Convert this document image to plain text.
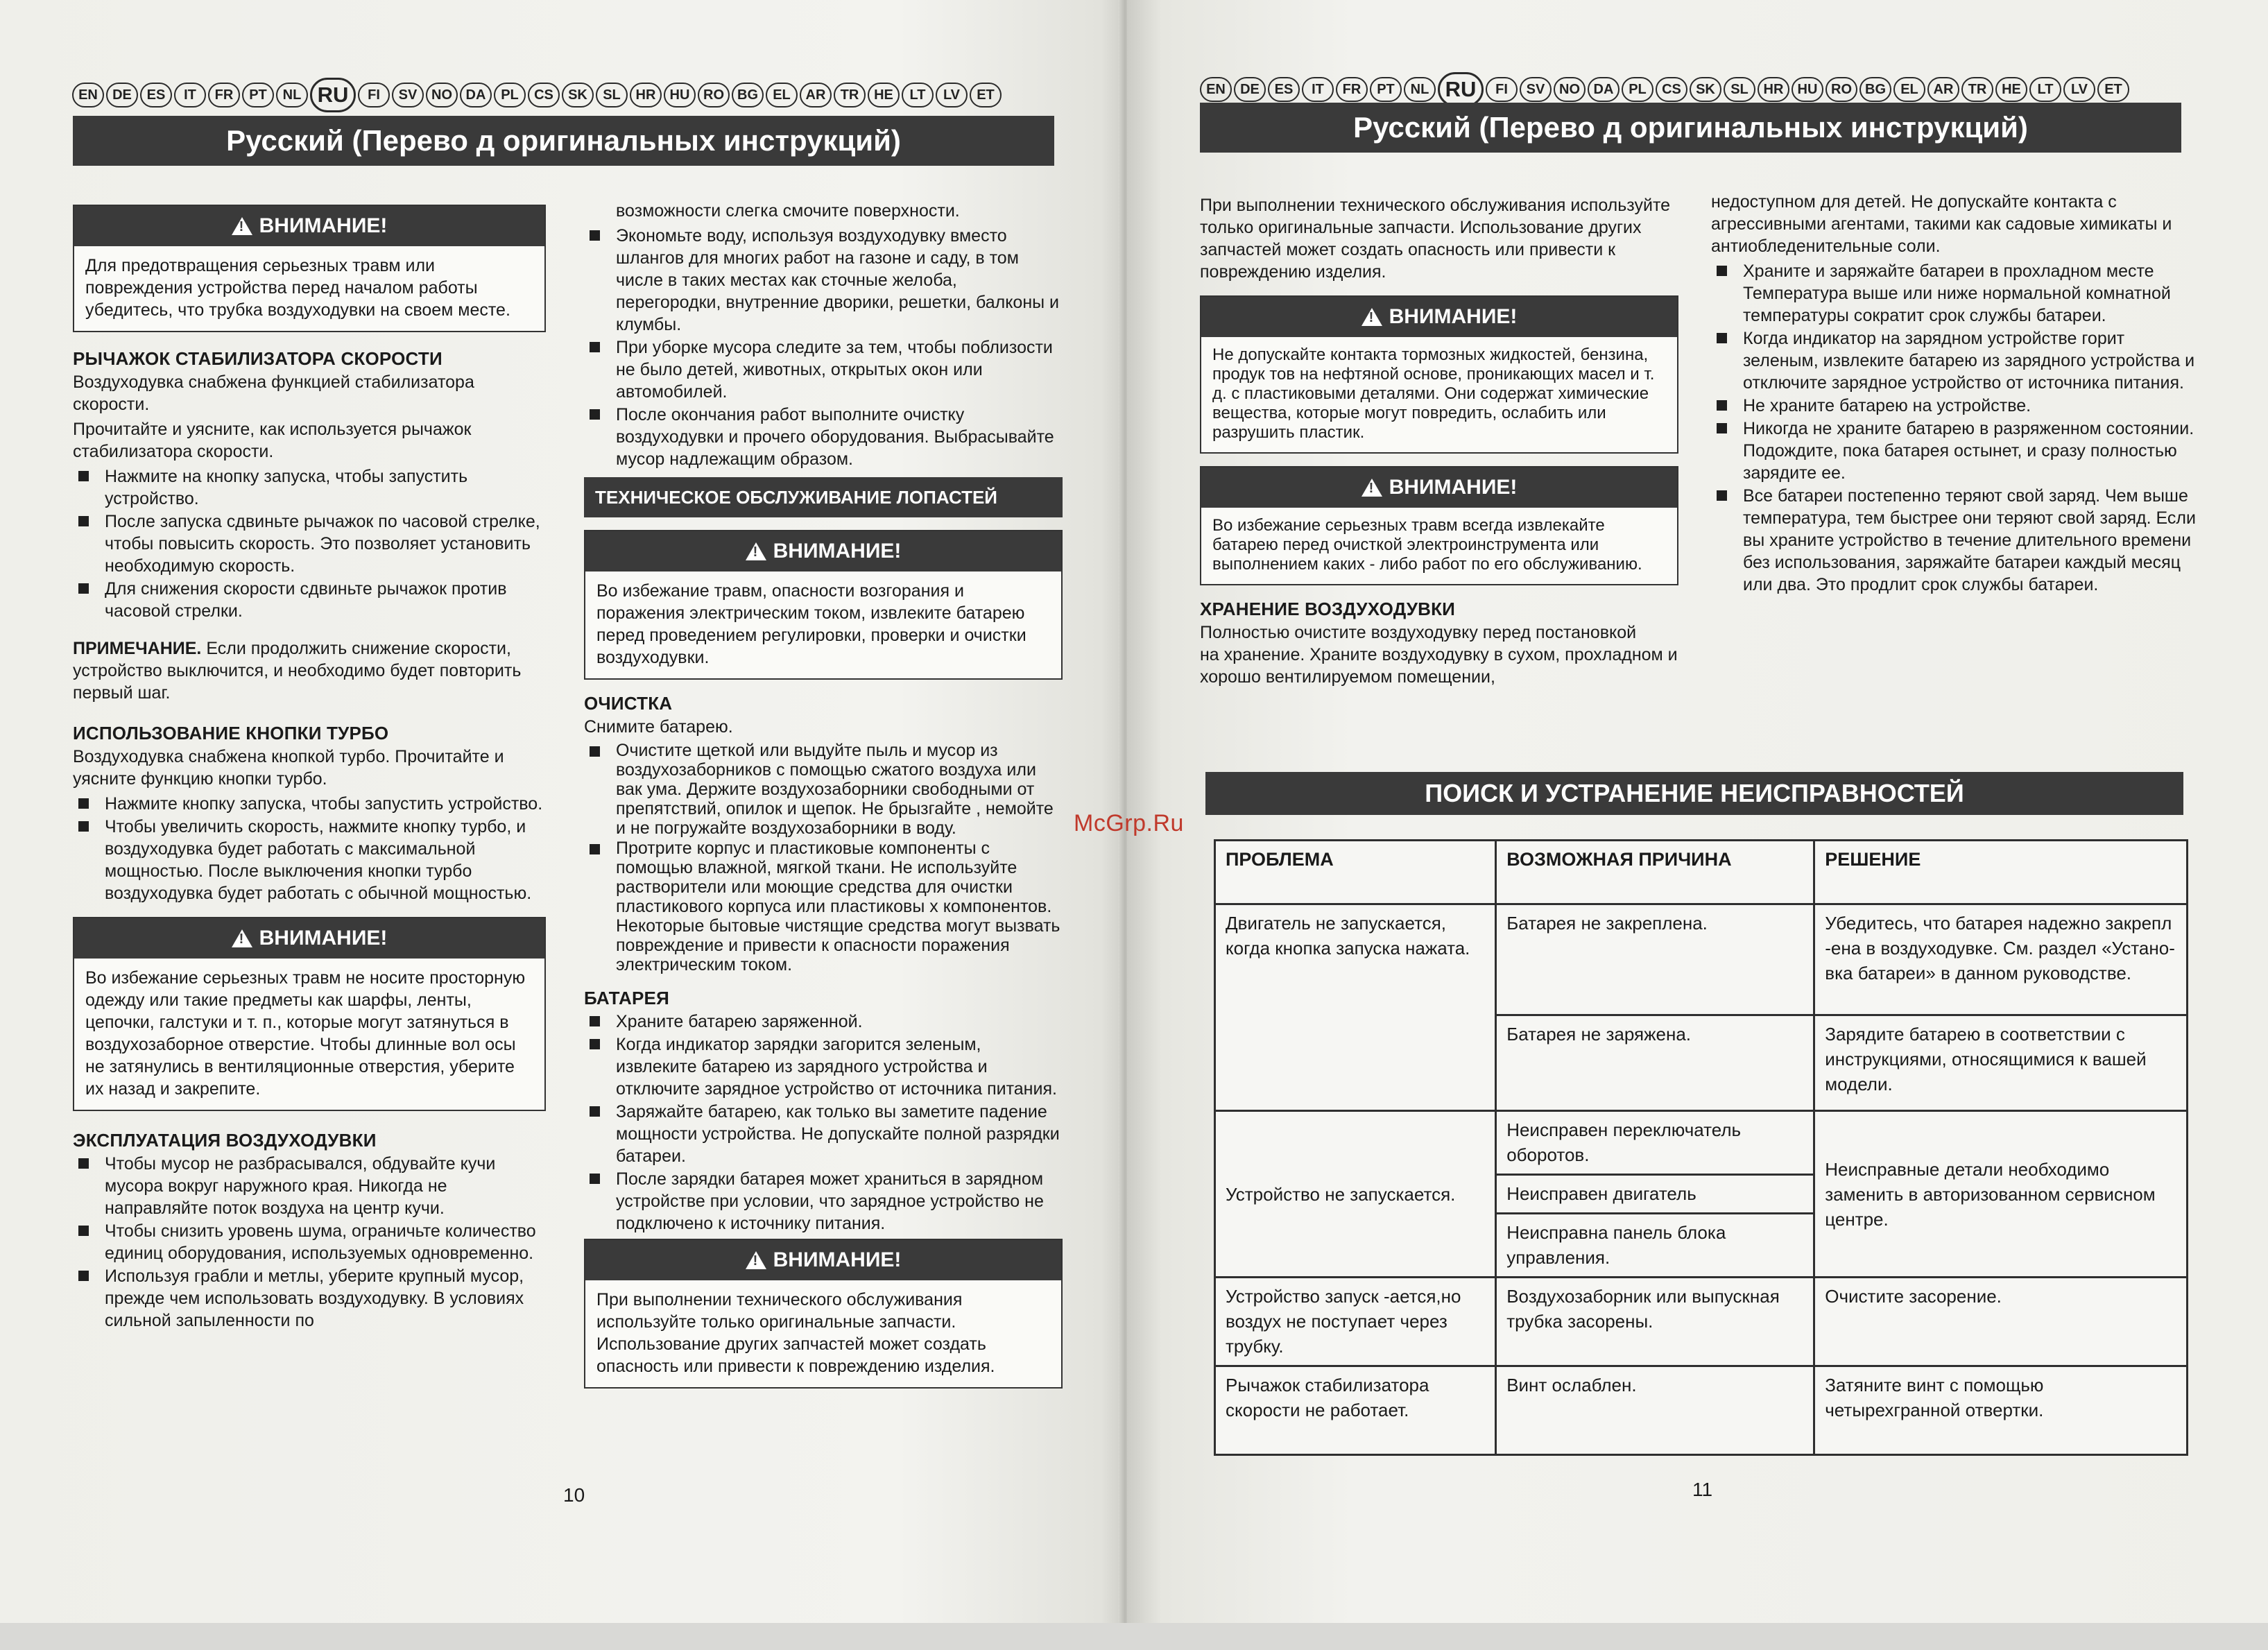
EN	DE	ES	IT	FR	PT	NL RU	FI	SV	NO DA	PL	CS	SK	SL	HR	HU RO BG	EL	AR	TR	HE	LT	LV	ET
Русский (Перево д оригинальных инструкций)
!
ВНИМАНИЕ!
Для предотвращения серьезных травм или повреждения устройства перед началом работы убедитесь, что трубка воздуходувки на своем месте.
РЫЧАЖОК СТАБИЛИЗАТОРА СКОРОСТИ

Воздуходувка снабжена функцией стабилизатора скорости.

Прочитайте и уясните, как используется рычажок стабилизатора скорости.

Нажмите на кнопку запуска, чтобы запустить устройство.
После запуска сдвиньте рычажок по часовой стрелке, чтобы повысить скорость. Это позволяет установить необходимую скорость.
Для снижения скорости сдвиньте рычажок против часовой стрелки.

ПРИМЕЧАНИЕ. Если продолжить снижение скорости, устройство выключится, и необходимо будет повторить первый шаг.

ИСПОЛЬЗОВАНИЕ КНОПКИ ТУРБО

Воздуходувка снабжена кнопкой турбо. Прочитайте и уясните функцию кнопки турбо.

Нажмите кнопку запуска, чтобы запустить устройство.
Чтобы увеличить скорость, нажмите кнопку турбо, и воздуходувка будет работать с максимальной мощностью. После выключения кнопки турбо воздуходувка будет работать с обычной мощностью.
!
ВНИМАНИЕ!
Во избежание серьезных травм не носите просторную одежду или такие предметы как шарфы, ленты, цепочки, галстуки и т. п., которые могут затянуться в воздухозаборное отверстие. Чтобы длинные вол осы не затянулись в вентиляционные отверстия, уберите их назад и закрепите.
ЭКСПЛУАТАЦИЯ ВОЗДУХОДУВКИ
Чтобы мусор не разбрасывался, обдувайте кучи мусора вокруг наружного края. Никогда не направляйте поток воздуха на центр кучи.
Чтобы снизить уровень шума, ограничьте количество единиц оборудования, используемых одновременно.
Используя грабли и метлы, уберите крупный мусор, прежде чем использовать воздуходувку. В условиях сильной запыленности по

возможности слегка смочите поверхности.

Экономьте воду, используя воздуходувку вместо шлангов для многих работ на газоне и саду, в том числе в таких местах как сточные желоба, перегородки, внутренние дворики, решетки, балконы и клумбы.
При уборке мусора следите за тем, чтобы поблизости не было детей, животных, открытых окон или автомобилей.
После окончания работ выполните очистку воздуходувки и прочего оборудования. Выбрасывайте мусор надлежащим образом.
ТЕХНИЧЕСКОЕ ОБСЛУЖИВАНИЕ ЛОПАСТЕЙ
!
ВНИМАНИЕ!
Во избежание травм, опасности возгорания и поражения электрическим током, извлеките батарею перед проведением регулировки, проверки и очистки воздуходувки.
ОЧИСТКА

Снимите батарею.

Очистите щеткой или выдуйте пыль и мусор из воздухозаборников с помощью сжатого воздуха или вак ума. Держите воздухозаборники свободными от препятствий, опилок и щепок. Не брызгайте , немойте и не погружайте воздухозаборники в воду.
Протрите корпус и пластиковые компоненты с помощью влажной, мягкой ткани. Не используйте растворители или моющие средства для очистки пластикового корпуса или пластиковы х компонентов. Некоторые бытовые чистящие средства могут вызвать повреждение и привести к опасности поражения электрическим током.
БАТАРЕЯ
Храните батарею заряженной.
Когда индикатор зарядки загорится зеленым, извлеките батарею из зарядного устройства и отключите зарядное устройство от источника питания.
Заряжайте батарею, как только вы заметите падение мощности устройства. Не допускайте полной разрядки батареи.
После зарядки батарея может храниться в зарядном устройстве при условии, что зарядное устройство не подключено к источнику питания.
!
ВНИМАНИЕ!
При выполнении технического обслуживания используйте только оригинальные запчасти. Использование других запчастей может создать опасность или привести к повреждению изделия.
10
EN	DE	ES	IT	FR	PT	NL RU	FI	SV	NO DA	PL	CS	SK	SL	HR	HU RO BG	EL	AR	TR	HE	LT	LV	ET
Русский (Перево д оригинальных инструкций)

При выполнении технического обслуживания используйте только оригинальные запчасти. Использование других запчастей может создать опасность или привести к повреждению изделия.

!
ВНИМАНИЕ!
Не допускайте контакта тормозных жидкостей, бензина, продук тов на нефтяной основе, проникающих масел и т. д. с пластиковыми деталями. Они содержат химические вещества, которые могут повредить, ослабить или разрушить пластик.
!
ВНИМАНИЕ!
Во избежание серьезных травм всегда извлекайте батарею перед очисткой электроинструмента или выполнением каких - либо работ по его обслуживанию.
ХРАНЕНИЕ ВОЗДУХОДУВКИ

Полностью очистите воздуходувку перед постановкой

на хранение. Храните воздуходувку в сухом, прохладном и хорошо вентилируемом помещении,

недоступном для детей. Не допускайте контакта с агрессивными агентами, такими как садовые химикаты и антиобледенительные соли.

Храните и заряжайте батареи в прохладном месте Температура выше или ниже нормальной комнатной температуры сократит срок службы батареи.
Когда индикатор на зарядном устройстве горит зеленым, извлеките батарею из зарядного устройства и отключите зарядное устройство от источника питания.
Не храните батарею на устройстве.
Никогда не храните батарею в разряженном состоянии. Подождите, пока батарея остынет, и сразу полностью зарядите ее.
Все батареи постепенно теряют свой заряд. Чем выше температура, тем быстрее они теряют свой заряд. Если вы храните устройство в течение длительного времени без использования, заряжайте батареи каждый месяц или два. Это продлит срок службы батареи.
ПОИСК И УСТРАНЕНИЕ НЕИСПРАВНОСТЕЙ
ПРОБЛЕМА	ВОЗМОЖНАЯ ПРИЧИНА	РЕШЕНИЕ
Двигатель не запускается, когда кнопка запуска нажата.	Батарея не закреплена.	Убедитесь, что батарея надежно закрепл -ена в воздуходувке. См. раздел «Устано-вка батареи» в данном руководстве.
	Батарея не заряжена.	Зарядите батарею в соответствии с инструкциями, относящимися к вашей модели.
Устройство не запускается.	Неисправен переключатель оборотов.	Неисправные детали необходимо заменить в авторизованном сервисном центре.
	Неисправен двигатель	
	Неисправна панель блока управления.	
Устройство запуск -ается,но воздух не поступает через трубку.	Воздухозаборник или выпускная трубка засорены.	Очистите засорение.
Рычажок стабилизатора скорости не работает.	Винт ослаблен.	Затяните винт с помощью четырехгранной отвертки.
11
McGrp.Ru
